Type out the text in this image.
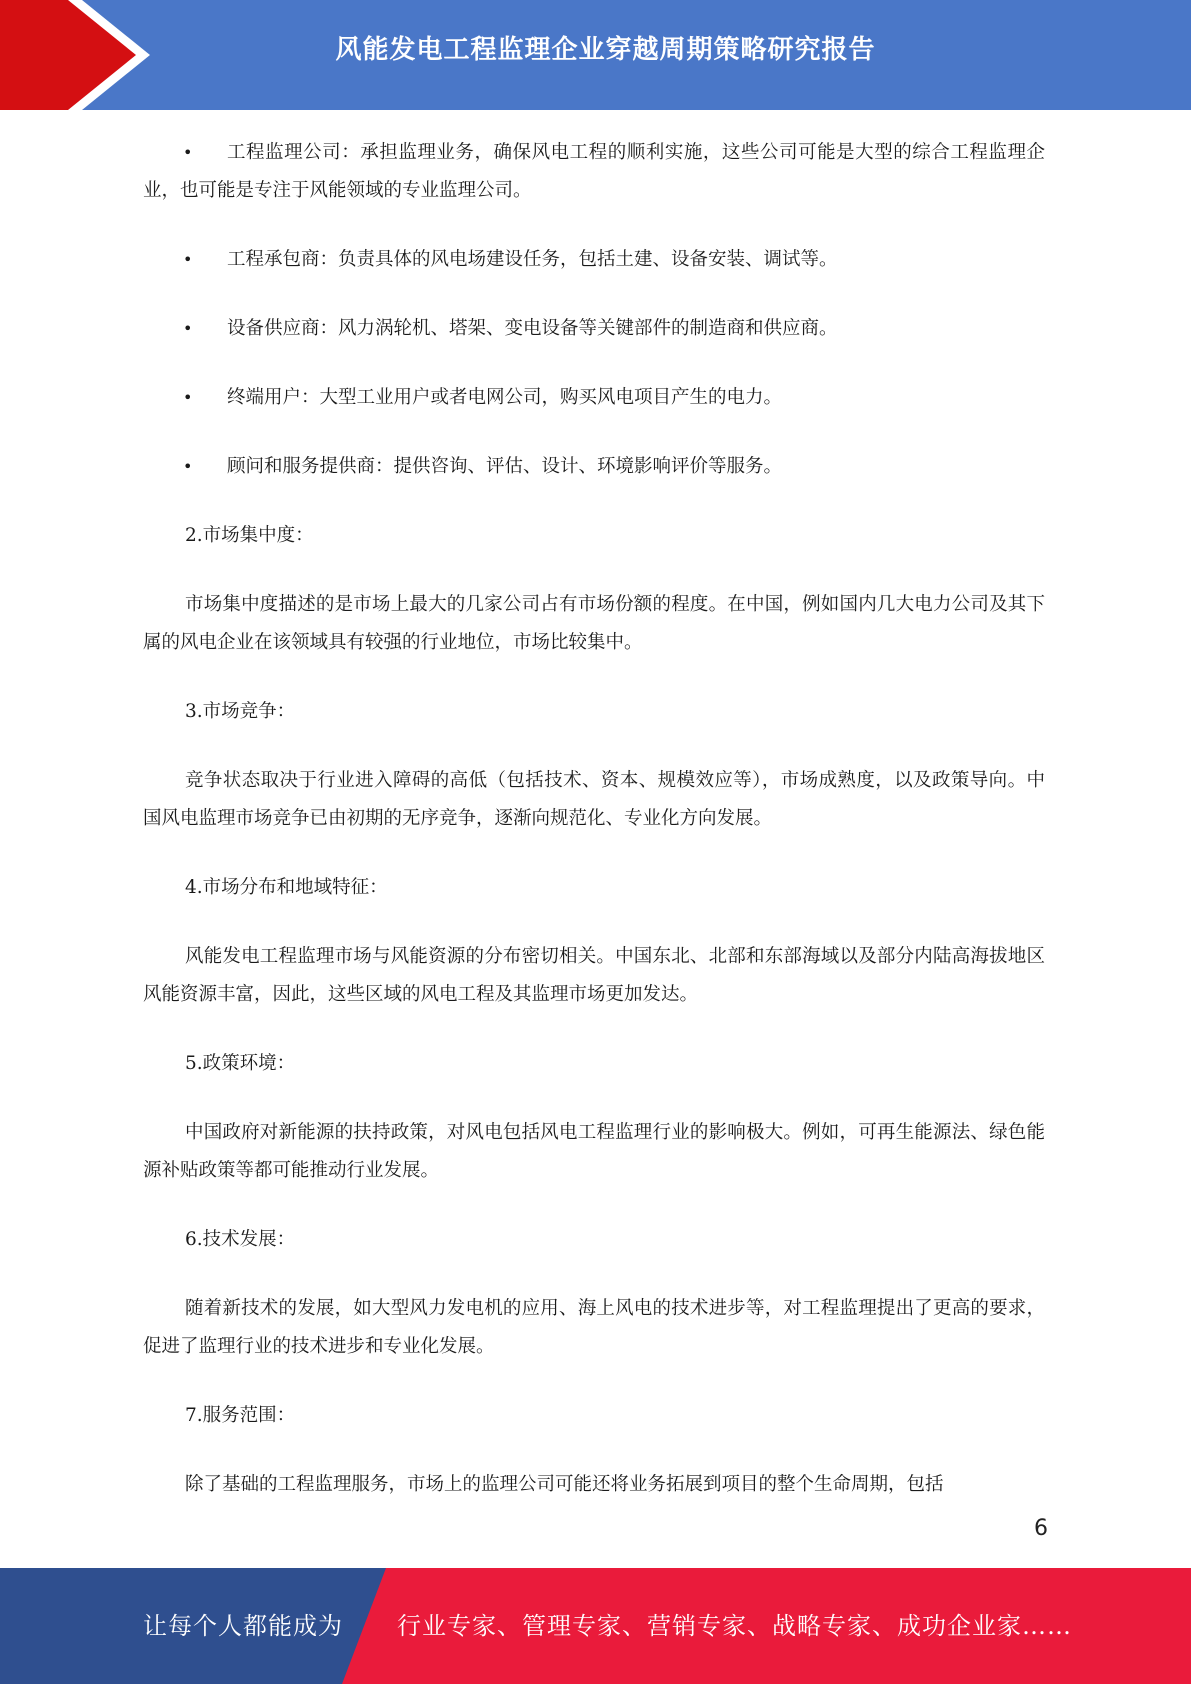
风能发电工程监理企业穿越周期策略研究报告
• 工程监理公司：承担监理业务，确保风电工程的顺利实施，这些公司可能是大型的综合工程监理企业，也可能是专注于风能领域的专业监理公司。
• 工程承包商：负责具体的风电场建设任务，包括土建、设备安装、调试等。
• 设备供应商：风力涡轮机、塔架、变电设备等关键部件的制造商和供应商。
• 终端用户：大型工业用户或者电网公司，购买风电项目产生的电力。
• 顾问和服务提供商：提供咨询、评估、设计、环境影响评价等服务。
2.市场集中度：
市场集中度描述的是市场上最大的几家公司占有市场份额的程度。在中国，例如国内几大电力公司及其下属的风电企业在该领域具有较强的行业地位，市场比较集中。
3.市场竞争：
竞争状态取决于行业进入障碍的高低（包括技术、资本、规模效应等），市场成熟度，以及政策导向。中国风电监理市场竞争已由初期的无序竞争，逐渐向规范化、专业化方向发展。
4.市场分布和地域特征：
风能发电工程监理市场与风能资源的分布密切相关。中国东北、北部和东部海域以及部分内陆高海拔地区风能资源丰富，因此，这些区域的风电工程及其监理市场更加发达。
5.政策环境：
中国政府对新能源的扶持政策，对风电包括风电工程监理行业的影响极大。例如，可再生能源法、绿色能源补贴政策等都可能推动行业发展。
6.技术发展：
随着新技术的发展，如大型风力发电机的应用、海上风电的技术进步等，对工程监理提出了更高的要求，促进了监理行业的技术进步和专业化发展。
7.服务范围：
除了基础的工程监理服务，市场上的监理公司可能还将业务拓展到项目的整个生命周期，包括
6
让每个人都能成为 行业专家、管理专家、营销专家、战略专家、成功企业家……
